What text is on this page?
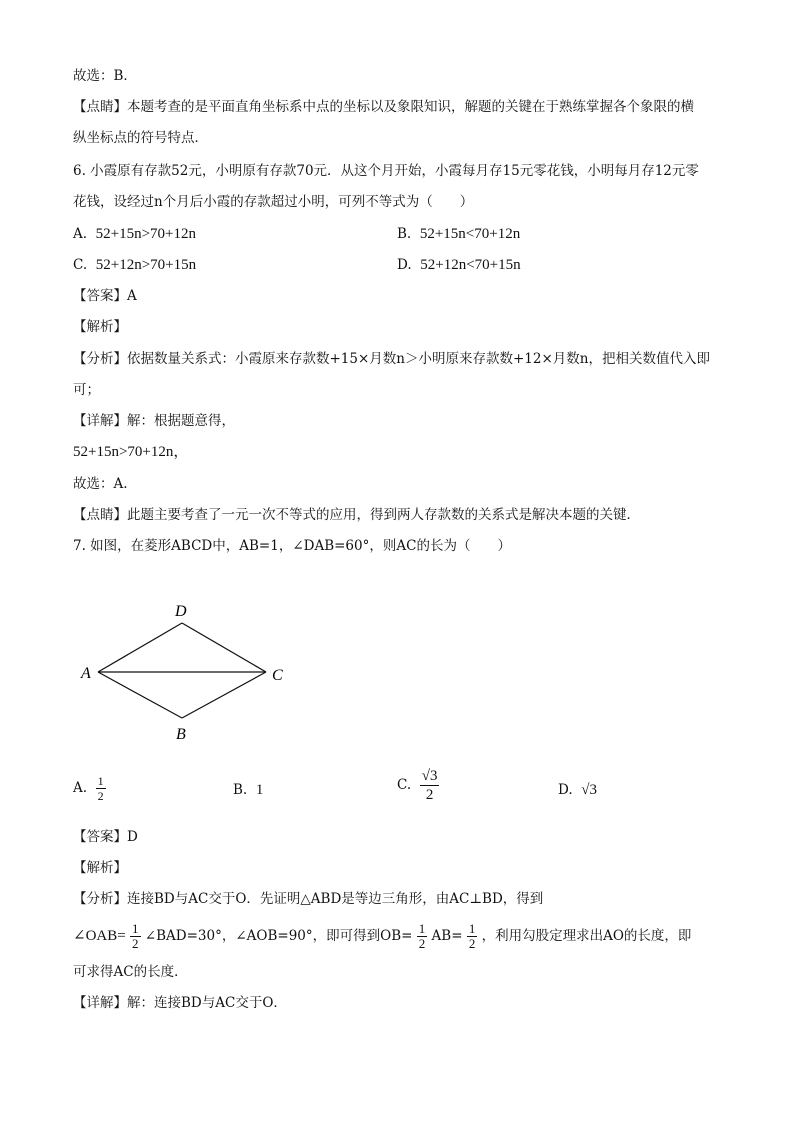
故选：B．
【点睛】本题考查的是平面直角坐标系中点的坐标以及象限知识，解题的关键在于熟练掌握各个象限的横
纵坐标点的符号特点．
6. 小霞原有存款52元，小明原有存款70元．从这个月开始，小霞每月存15元零花钱，小明每月存12元零
花钱，设经过n个月后小霞的存款超过小明，可列不等式为（　　）
A. 52+15n>70+12n	B. 52+15n<70+12n
C. 52+12n>70+15n	D. 52+12n<70+15n
【答案】A
【解析】
【分析】依据数量关系式：小霞原来存款数+15×月数n＞小明原来存款数+12×月数n，把相关数值代入即
可；
【详解】解：根据题意得，
52+15n>70+12n，
故选：A.
【点睛】此题主要考查了一元一次不等式的应用，得到两人存款数的关系式是解决本题的关键．
7. 如图，在菱形ABCD中，AB=1，∠DAB=60°，则AC的长为（　　）
D
A	C
B
A. $\frac{1}{2}$	B. 1	C. $\frac{√3}{2}$	D. √3
【答案】D
【解析】
【分析】连接BD与AC交于O．先证明△ABD是等边三角形，由AC⊥BD，得到
∠OAB= $\frac{1}{2}$ ∠BAD=30°，∠AOB=90°，即可得到$OB= \frac{1}{2} AB= \frac{1}{2}$ ，利用勾股定理求出AO的长度，即
可求得AC的长度．
【详解】解：连接BD与AC交于O．
